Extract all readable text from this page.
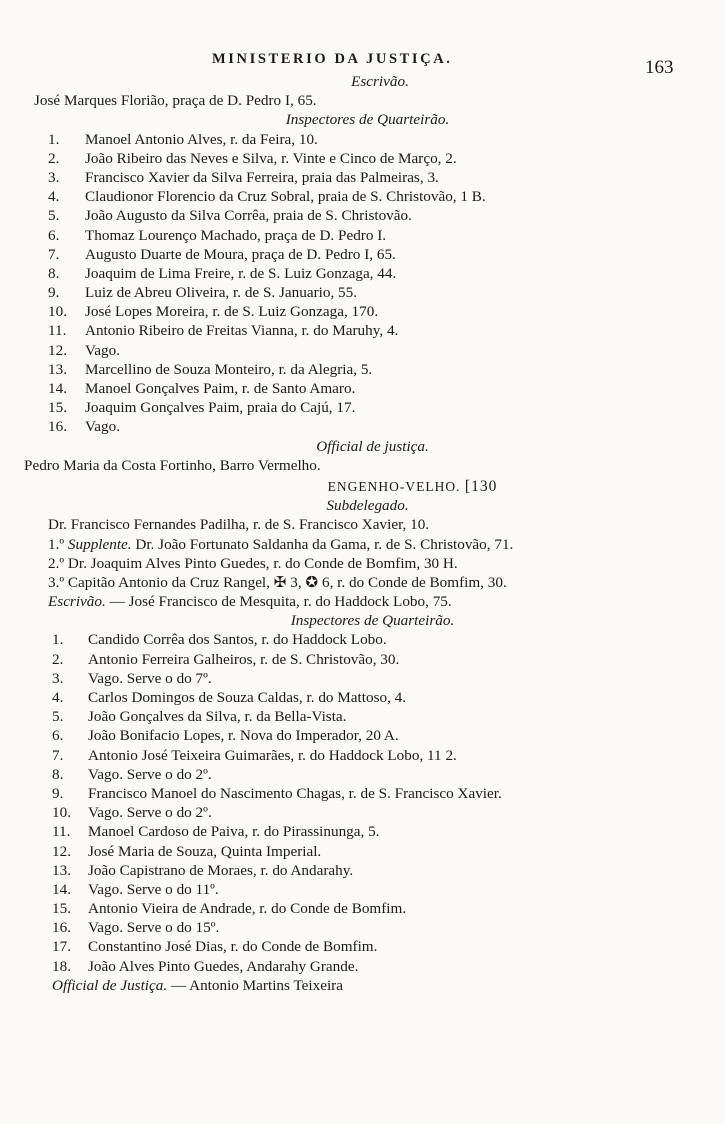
MINISTERIO DA JUSTIÇA.	163
Escrivão.
José Marques Florião, praça de D. Pedro I, 65.
Inspectores de Quarteirão.
1. Manoel Antonio Alves, r. da Feira, 10.
2. João Ribeiro das Neves e Silva, r. Vinte e Cinco de Março, 2.
3. Francisco Xavier da Silva Ferreira, praia das Palmeiras, 3.
4. Claudionor Florencio da Cruz Sobral, praia de S. Christovão, 1 B.
5. João Augusto da Silva Corrêa, praia de S. Christovão.
6. Thomaz Lourenço Machado, praça de D. Pedro I.
7. Augusto Duarte de Moura, praça de D. Pedro I, 65.
8. Joaquim de Lima Freire, r. de S. Luiz Gonzaga, 44.
9. Luiz de Abreu Oliveira, r. de S. Januario, 55.
10. José Lopes Moreira, r. de S. Luiz Gonzaga, 170.
11. Antonio Ribeiro de Freitas Vianna, r. do Maruhy, 4.
12. Vago.
13. Marcellino de Souza Monteiro, r. da Alegria, 5.
14. Manoel Gonçalves Paim, r. de Santo Amaro.
15. Joaquim Gonçalves Paim, praia do Cajú, 17.
16. Vago.
Official de justiça.
Pedro Maria da Costa Fortinho, Barro Vermelho.
ENGENHO-VELHO. [130
Subdelegado.
Dr. Francisco Fernandes Padilha, r. de S. Francisco Xavier, 10.
1.º Supplente. Dr. João Fortunato Saldanha da Gama, r. de S. Christovão, 71.
2.º Dr. Joaquim Alves Pinto Guedes, r. do Conde de Bomfim, 30 H.
3.º Capitão Antonio da Cruz Rangel, ✠ 3, ✪ 6, r. do Conde de Bomfim, 30.
Escrivão. — José Francisco de Mesquita, r. do Haddock Lobo, 75.
Inspectores de Quarteirão.
1. Candido Corrêa dos Santos, r. do Haddock Lobo.
2. Antonio Ferreira Galheiros, r. de S. Christovão, 30.
3. Vago. Serve o do 7º.
4. Carlos Domingos de Souza Caldas, r. do Mattoso, 4.
5. João Gonçalves da Silva, r. da Bella-Vista.
6. João Bonifacio Lopes, r. Nova do Imperador, 20 A.
7. Antonio José Teixeira Guimarães, r. do Haddock Lobo, 11 2.
8. Vago. Serve o do 2º.
9. Francisco Manoel do Nascimento Chagas, r. de S. Francisco Xavier.
10. Vago. Serve o do 2º.
11. Manoel Cardoso de Paiva, r. do Pirassinunga, 5.
12. José Maria de Souza, Quinta Imperial.
13. João Capistrano de Moraes, r. do Andarahy.
14. Vago. Serve o do 11º.
15. Antonio Vieira de Andrade, r. do Conde de Bomfim.
16. Vago. Serve o do 15º.
17. Constantino José Dias, r. do Conde de Bomfim.
18. João Alves Pinto Guedes, Andarahy Grande.
Official de Justiça. — Antonio Martins Teixeira
